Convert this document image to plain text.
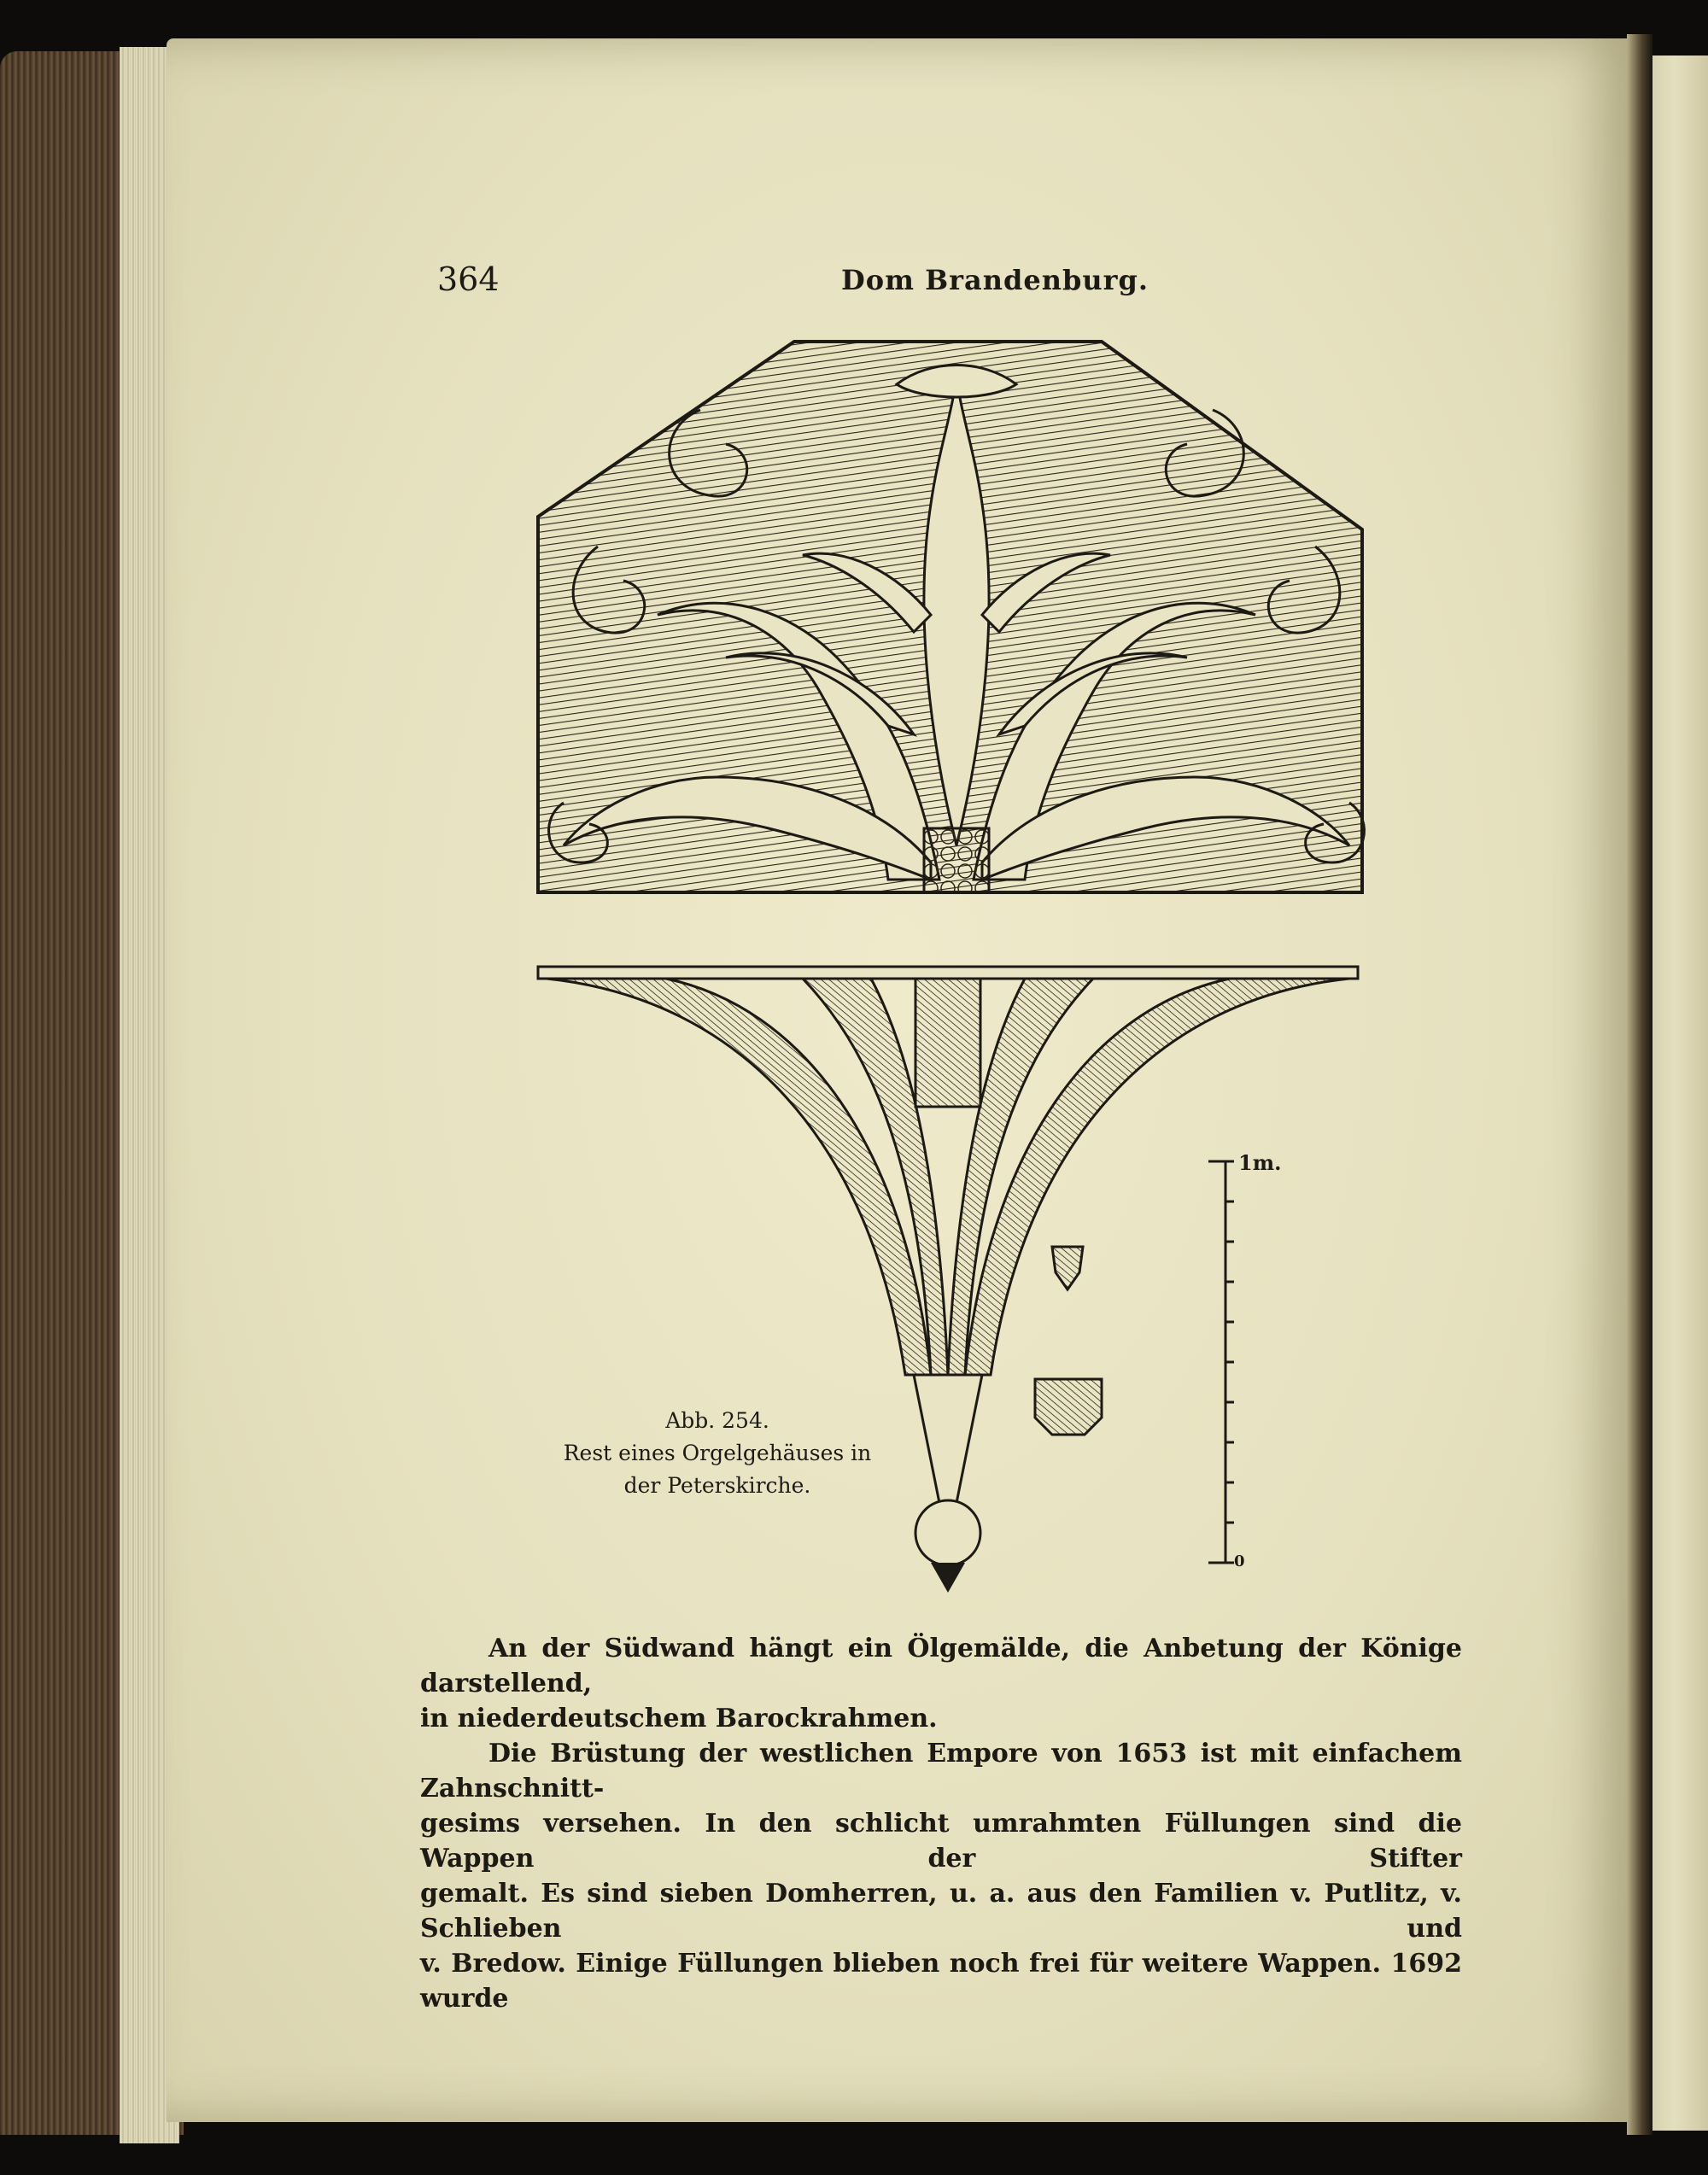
364	Dom Brandenburg.
1m.
0
Abb. 254.
Rest eines Orgelgehäuses in
der Peterskirche.

An der Südwand hängt ein Ölgemälde, die Anbetung der Könige darstellend,

in niederdeutschem Barockrahmen.

Die Brüstung der westlichen Empore von 1653 ist mit einfachem Zahnschnitt-

gesims versehen. In den schlicht umrahmten Füllungen sind die Wappen der Stifter

gemalt. Es sind sieben Domherren, u. a. aus den Familien v. Putlitz, v. Schlieben und

v. Bredow. Einige Füllungen blieben noch frei für weitere Wappen. 1692 wurde
